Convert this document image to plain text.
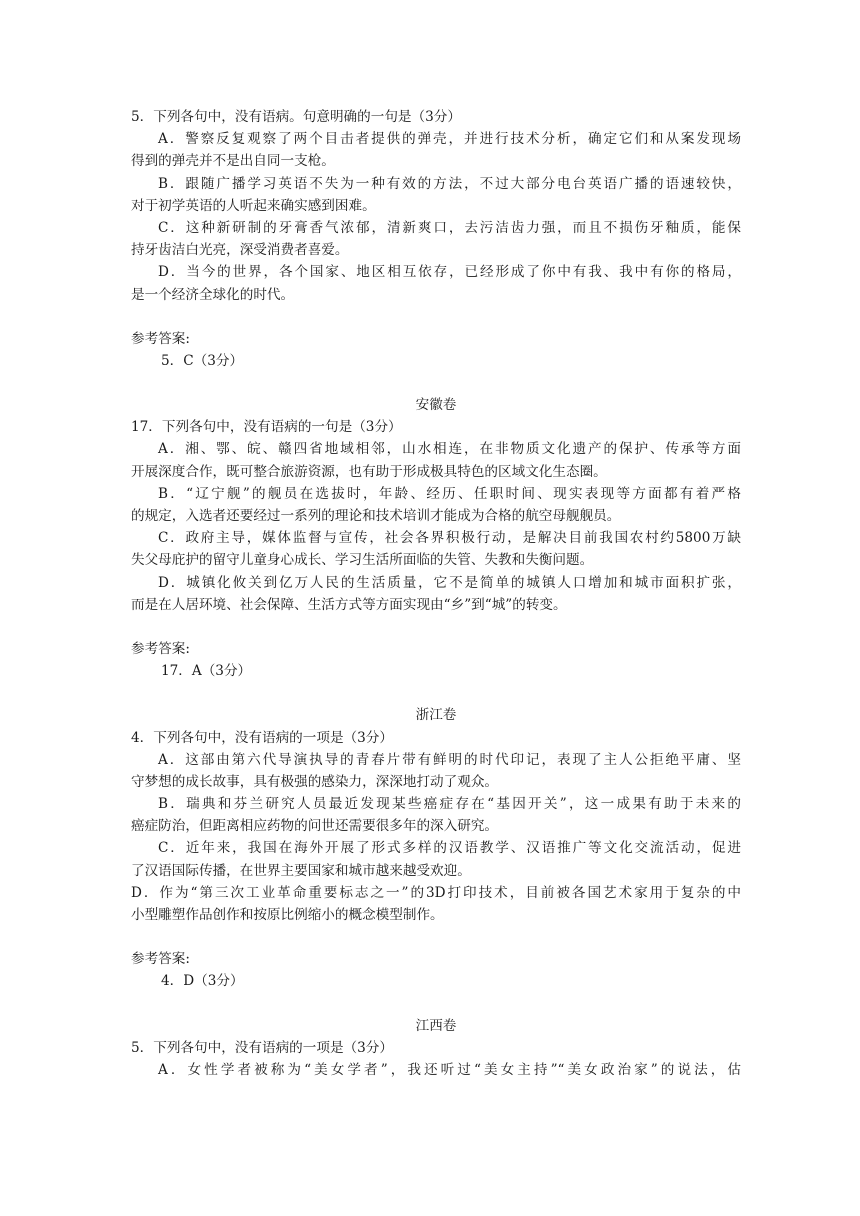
5．下列各句中，没有语病。句意明确的一句是（3分）
A．警察反复观察了两个目击者提供的弹壳，并进行技术分析，确定它们和从案发现场
得到的弹壳并不是出自同一支枪。
B．跟随广播学习英语不失为一种有效的方法，不过大部分电台英语广播的语速较快，
对于初学英语的人听起来确实感到困难。
C．这种新研制的牙膏香气浓郁，清新爽口，去污洁齿力强，而且不损伤牙釉质，能保
持牙齿洁白光亮，深受消费者喜爱。
D．当今的世界，各个国家、地区相互依存，已经形成了你中有我、我中有你的格局，
是一个经济全球化的时代。
参考答案:
5．C（3分）
安徽卷
17．下列各句中，没有语病的一句是（3分）
A．湘、鄂、皖、赣四省地域相邻，山水相连，在非物质文化遗产的保护、传承等方面
开展深度合作，既可整合旅游资源，也有助于形成极具特色的区域文化生态圈。
B．“辽宁舰”的舰员在选拔时，年龄、经历、任职时间、现实表现等方面都有着严格
的规定，入选者还要经过一系列的理论和技术培训才能成为合格的航空母舰舰员。
C．政府主导，媒体监督与宣传，社会各界积极行动，是解决目前我国农村约5800万缺
失父母庇护的留守儿童身心成长、学习生活所面临的失管、失教和失衡问题。
D．城镇化攸关到亿万人民的生活质量，它不是简单的城镇人口增加和城市面积扩张，
而是在人居环境、社会保障、生活方式等方面实现由“乡”到“城”的转变。
参考答案:
17．A（3分）
浙江卷
4．下列各句中，没有语病的一项是（3分）
A．这部由第六代导演执导的青春片带有鲜明的时代印记，表现了主人公拒绝平庸、坚
守梦想的成长故事，具有极强的感染力，深深地打动了观众。
B．瑞典和芬兰研究人员最近发现某些癌症存在“基因开关”，这一成果有助于未来的
癌症防治，但距离相应药物的问世还需要很多年的深入研究。
C．近年来，我国在海外开展了形式多样的汉语教学、汉语推广等文化交流活动，促进
了汉语国际传播，在世界主要国家和城市越来越受欢迎。
D．作为“第三次工业革命重要标志之一”的3D打印技术，目前被各国艺术家用于复杂的中
小型雕塑作品创作和按原比例缩小的概念模型制作。
参考答案:
4．D（3分）
江西卷
5．下列各句中，没有语病的一项是（3分）
A．女性学者被称为“美女学者”，我还听过“美女主持”“美女政治家”的说法，估
